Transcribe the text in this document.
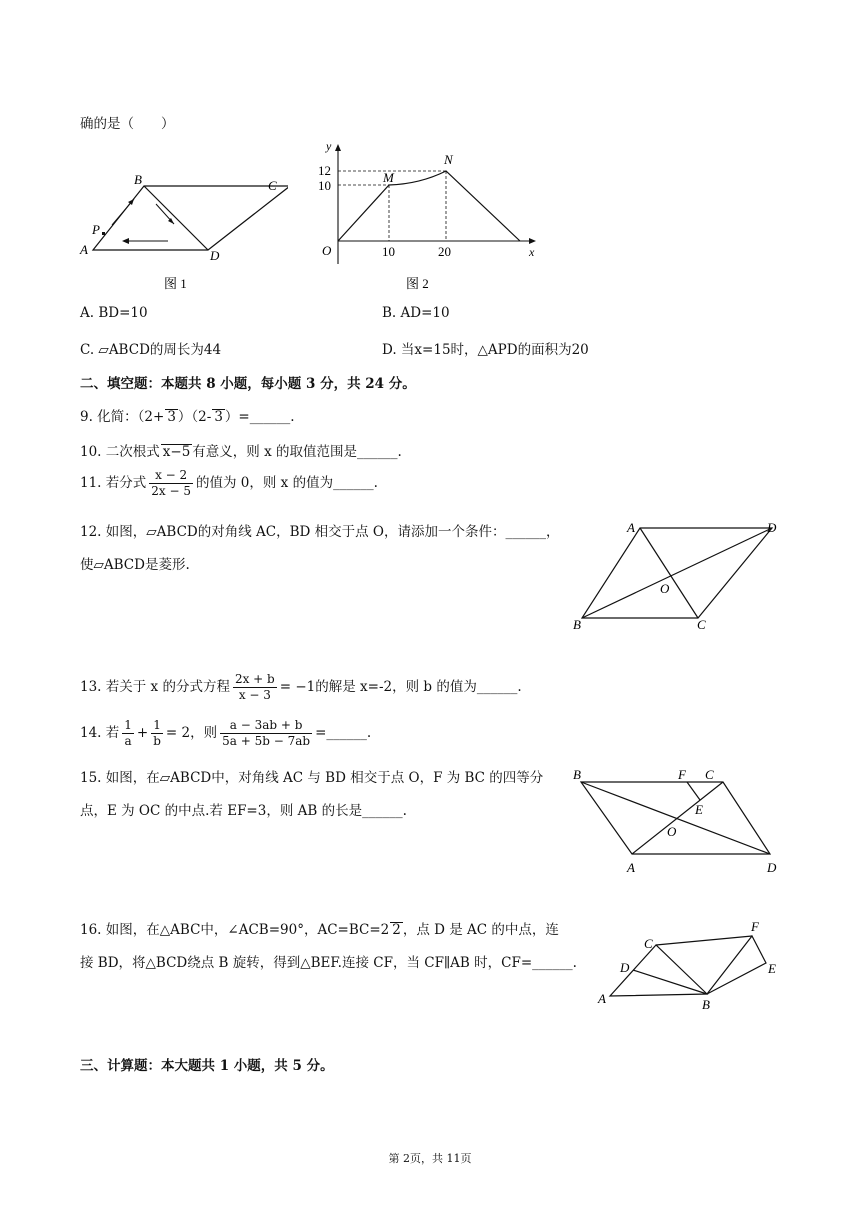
确的是（　　）
A
B	C
D
P
图 1
y
x
O
12
10
10	20
M
N
图 2
A. BD=10	B. AD=10
C. ▱ABCD的周长为44	D. 当x=15时，△APD的面积为20
二、填空题：本题共 8 小题，每小题 3 分，共 24 分。
9. 化简：（2+ 3 ）（2- 3 ）=______.
10. 二次根式 x−5 有意义，则 x 的取值范围是______.
11. 若分式 $\frac{x - 2}{2x - 5}$ 的值为 0，则 x 的值为______.
12. 如图，▱ABCD的对角线 AC，BD 相交于点 O，请添加一个条件：______，
使▱ABCD是菱形.
A	D
B	C
O
13. 若关于 x 的分式方程 $\frac{2x + b}{x - 3} = -1$的解是 x=-2，则 b 的值为______.
14. 若 $\frac{1}{a} + \frac{1}{b} = 2$，则 $\frac{a - 3ab + b}{5a + 5b - 7ab}$ =______.
15. 如图，在▱ABCD中，对角线 AC 与 BD 相交于点 O，F 为 BC 的四等分
点，E 为 OC 的中点.若 EF=3，则 AB 的长是______.
B	F C
E
O
A	D
16. 如图，在△ABC中，∠ACB=90°，AC=BC=2 2 ，点 D 是 AC 的中点，连
接 BD，将△BCD绕点 B 旋转，得到△BEF.连接 CF，当 CF∥AB 时，CF=______.
A
C
D
B
F
E
三、计算题：本大题共 1 小题，共 5 分。
第 2页，共 11页
